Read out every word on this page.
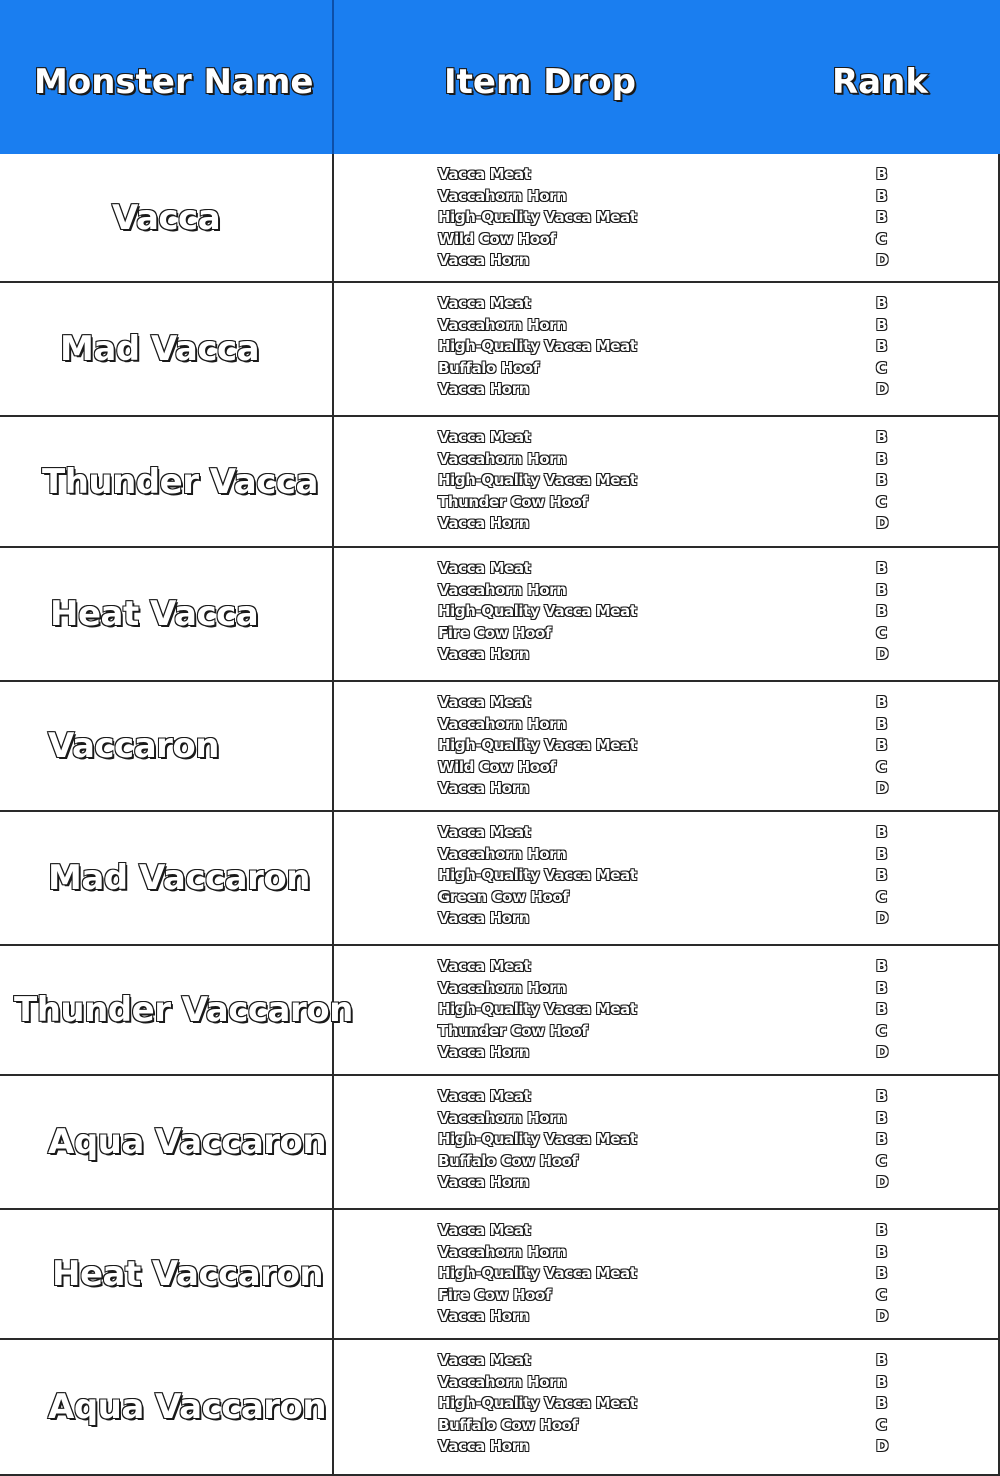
Monster Name	Item Drop	Rank
Vacca
Vacca Meat
Vaccahorn Horn
High-Quality Vacca Meat
Wild Cow Hoof
Vacca Horn
B
B
B
C
D
Mad Vacca
Vacca Meat
Vaccahorn Horn
High-Quality Vacca Meat
Buffalo Hoof
Vacca Horn
B
B
B
C
D
Thunder Vacca
Vacca Meat
Vaccahorn Horn
High-Quality Vacca Meat
Thunder Cow Hoof
Vacca Horn
B
B
B
C
D
Heat Vacca
Vacca Meat
Vaccahorn Horn
High-Quality Vacca Meat
Fire Cow Hoof
Vacca Horn
B
B
B
C
D
Vaccaron
Vacca Meat
Vaccahorn Horn
High-Quality Vacca Meat
Wild Cow Hoof
Vacca Horn
B
B
B
C
D
Mad Vaccaron
Vacca Meat
Vaccahorn Horn
High-Quality Vacca Meat
Green Cow Hoof
Vacca Horn
B
B
B
C
D
Thunder Vaccaron
Vacca Meat
Vaccahorn Horn
High-Quality Vacca Meat
Thunder Cow Hoof
Vacca Horn
B
B
B
C
D
Aqua Vaccaron
Vacca Meat
Vaccahorn Horn
High-Quality Vacca Meat
Buffalo Cow Hoof
Vacca Horn
B
B
B
C
D
Heat Vaccaron
Vacca Meat
Vaccahorn Horn
High-Quality Vacca Meat
Fire Cow Hoof
Vacca Horn
B
B
B
C
D
Aqua Vaccaron
Vacca Meat
Vaccahorn Horn
High-Quality Vacca Meat
Buffalo Cow Hoof
Vacca Horn
B
B
B
C
D
